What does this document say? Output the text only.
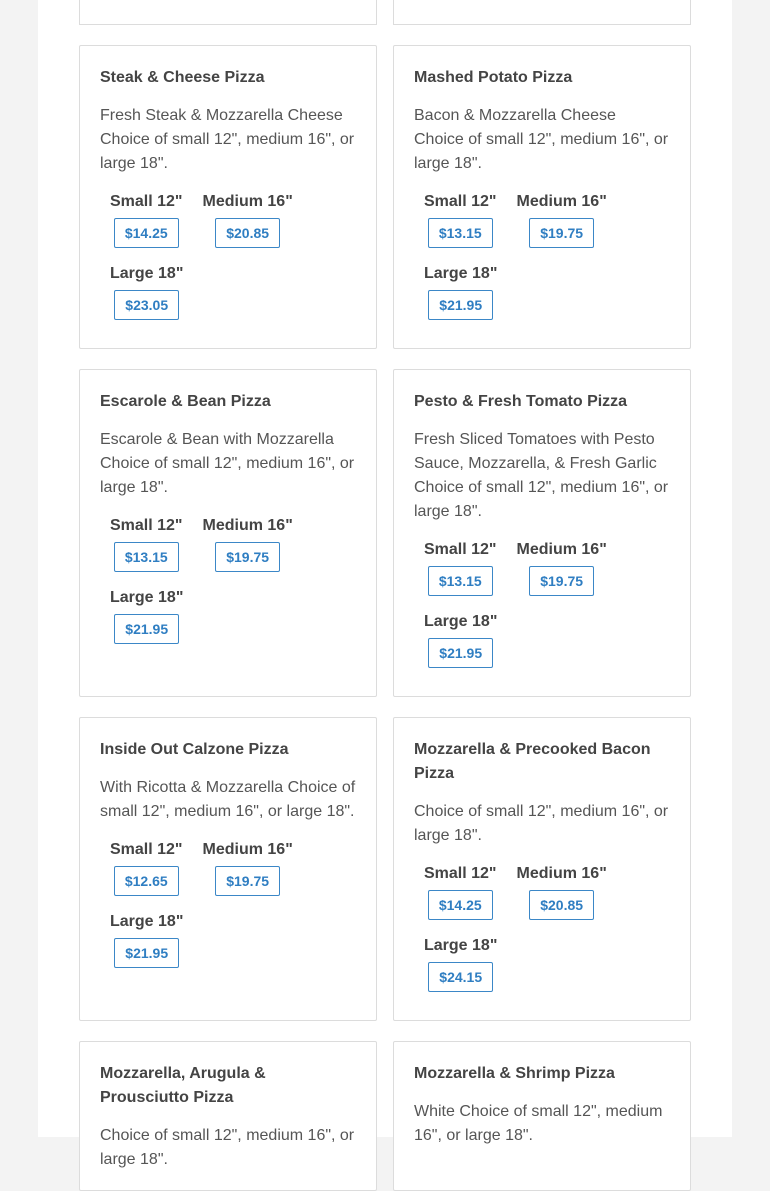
Steak & Cheese Pizza

Fresh Steak & Mozzarella Cheese Choice of small 12", medium 16", or large 18".

Small 12"
$14.25
Medium 16"
$20.85
Large 18"
$23.05
Mashed Potato Pizza

Bacon & Mozzarella Cheese Choice of small 12", medium 16", or large 18".

Small 12"
$13.15
Medium 16"
$19.75
Large 18"
$21.95
Escarole & Bean Pizza

Escarole & Bean with Mozzarella Choice of small 12", medium 16", or large 18".

Small 12"
$13.15
Medium 16"
$19.75
Large 18"
$21.95
Pesto & Fresh Tomato Pizza

Fresh Sliced Tomatoes with Pesto Sauce, Mozzarella, & Fresh Garlic Choice of small 12", medium 16", or large 18".

Small 12"
$13.15
Medium 16"
$19.75
Large 18"
$21.95
Inside Out Calzone Pizza

With Ricotta & Mozzarella Choice of small 12", medium 16", or large 18".

Small 12"
$12.65
Medium 16"
$19.75
Large 18"
$21.95
Mozzarella & Precooked Bacon Pizza

Choice of small 12", medium 16", or large 18".

Small 12"
$14.25
Medium 16"
$20.85
Large 18"
$24.15
Mozzarella, Arugula & Prousciutto Pizza

Choice of small 12", medium 16", or large 18".

Mozzarella & Shrimp Pizza

White Choice of small 12", medium 16", or large 18".
